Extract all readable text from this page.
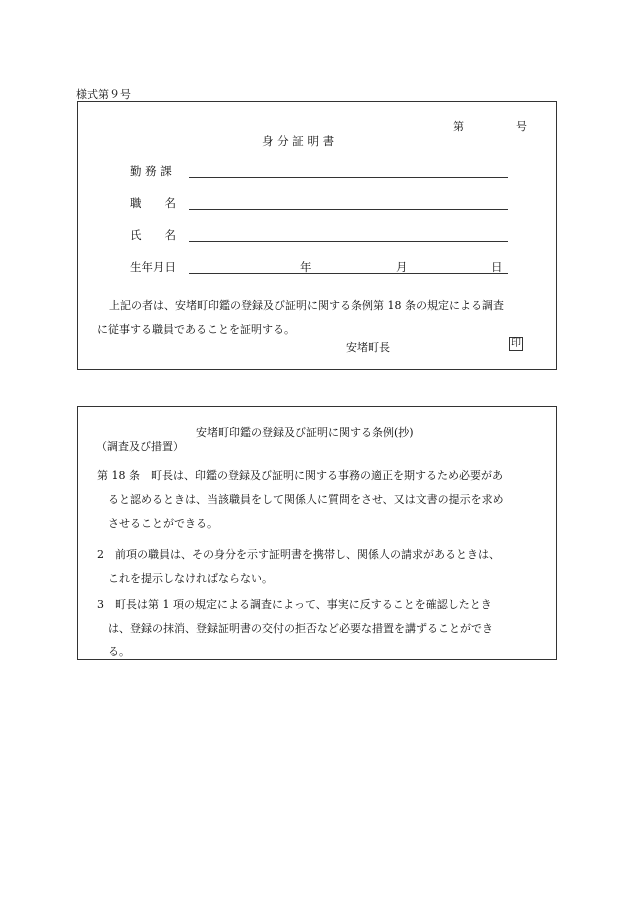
様式第９号
第	号
身 分 証 明 書
勤 務 課
職　　名
氏　　名
生年月日	年	月	日
上記の者は、安堵町印鑑の登録及び証明に関する条例第 18 条の規定による調査
に従事する職員であることを証明する。
安堵町長	印
安堵町印鑑の登録及び証明に関する条例(抄)
（調査及び措置）
第 18 条　町長は、印鑑の登録及び証明に関する事務の適正を期するため必要があ
ると認めるときは、当該職員をして関係人に質問をさせ、又は文書の提示を求め
させることができる。
2　前項の職員は、その身分を示す証明書を携帯し、関係人の請求があるときは、
これを提示しなければならない。
3　町長は第 1 項の規定による調査によって、事実に反することを確認したとき
は、登録の抹消、登録証明書の交付の拒否など必要な措置を講ずることができ
る。
